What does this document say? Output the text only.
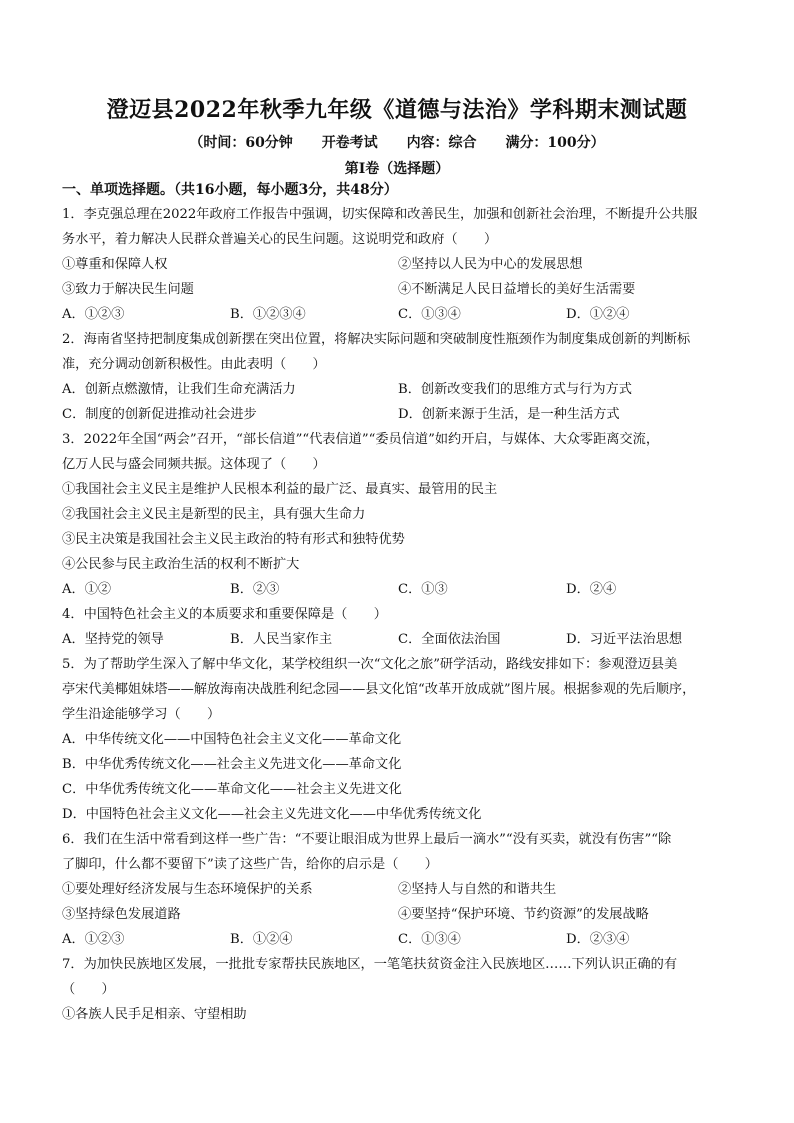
澄迈县2022年秋季九年级《道德与法治》学科期末测试题
（时间：60分钟 开卷考试 内容：综合 满分：100分）
第Ⅰ卷（选择题）
一、单项选择题。（共16小题，每小题3分，共48分）
1．李克强总理在2022年政府工作报告中强调，切实保障和改善民生，加强和创新社会治理，不断提升公共服
务水平，着力解决人民群众普遍关心的民生问题。这说明党和政府（　　）
①尊重和保障人权	②坚持以人民为中心的发展思想
③致力于解决民生问题	④不断满足人民日益增长的美好生活需要
A．①②③	B．①②③④	C．①③④	D．①②④
2．海南省坚持把制度集成创新摆在突出位置，将解决实际问题和突破制度性瓶颈作为制度集成创新的判断标
准，充分调动创新积极性。由此表明（　　）
A．创新点燃激情，让我们生命充满活力	B．创新改变我们的思维方式与行为方式
C．制度的创新促进推动社会进步	D．创新来源于生活，是一种生活方式
3．2022年全国“两会”召开，“部长信道”“代表信道”“委员信道”如约开启，与媒体、大众零距离交流，
亿万人民与盛会同频共振。这体现了（　　）
①我国社会主义民主是维护人民根本利益的最广泛、最真实、最管用的民主
②我国社会主义民主是新型的民主，具有强大生命力
③民主决策是我国社会主义民主政治的特有形式和独特优势
④公民参与民主政治生活的权利不断扩大
A．①②	B．②③	C．①③	D．②④
4．中国特色社会主义的本质要求和重要保障是（　　）
A．坚持党的领导	B．人民当家作主	C．全面依法治国	D．习近平法治思想
5．为了帮助学生深入了解中华文化，某学校组织一次“文化之旅”研学活动，路线安排如下：参观澄迈县美
亭宋代美椰姐妹塔——解放海南决战胜利纪念园——县文化馆“改革开放成就”图片展。根据参观的先后顺序，
学生沿途能够学习（　　）
A．中华传统文化——中国特色社会主义文化——革命文化
B．中华优秀传统文化——社会主义先进文化——革命文化
C．中华优秀传统文化——革命文化——社会主义先进文化
D．中国特色社会主义文化——社会主义先进文化——中华优秀传统文化
6．我们在生活中常看到这样一些广告：“不要让眼泪成为世界上最后一滴水”“没有买卖，就没有伤害”“除
了脚印，什么都不要留下”读了这些广告，给你的启示是（　　）
①要处理好经济发展与生态环境保护的关系	②坚持人与自然的和谐共生
③坚持绿色发展道路	④要坚持“保护环境、节约资源”的发展战略
A．①②③	B．①②④	C．①③④	D．②③④
7．为加快民族地区发展，一批批专家帮扶民族地区，一笔笔扶贫资金注入民族地区……下列认识正确的有
（　　）
①各族人民手足相亲、守望相助
